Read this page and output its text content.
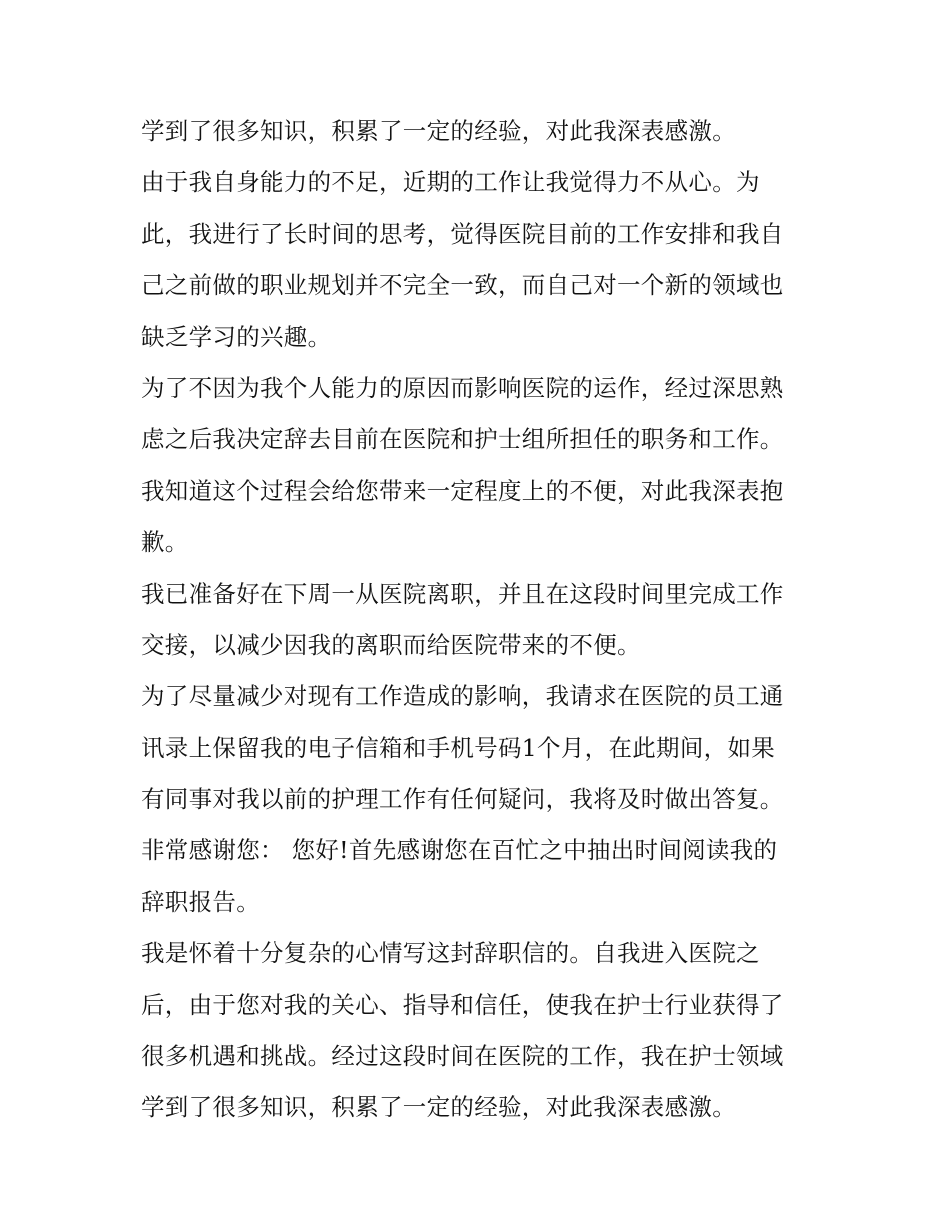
学到了很多知识，积累了一定的经验，对此我深表感激。
由于我自身能力的不足，近期的工作让我觉得力不从心。为
此，我进行了长时间的思考，觉得医院目前的工作安排和我自
己之前做的职业规划并不完全一致，而自己对一个新的领域也
缺乏学习的兴趣。
为了不因为我个人能力的原因而影响医院的运作，经过深思熟
虑之后我决定辞去目前在医院和护士组所担任的职务和工作。
我知道这个过程会给您带来一定程度上的不便，对此我深表抱
歉。
我已准备好在下周一从医院离职，并且在这段时间里完成工作
交接，以减少因我的离职而给医院带来的不便。
为了尽量减少对现有工作造成的影响，我请求在医院的员工通
讯录上保留我的电子信箱和手机号码1个月，在此期间，如果
有同事对我以前的护理工作有任何疑问，我将及时做出答复。
非常感谢您： 您好!首先感谢您在百忙之中抽出时间阅读我的
辞职报告。
我是怀着十分复杂的心情写这封辞职信的。自我进入医院之
后，由于您对我的关心、指导和信任，使我在护士行业获得了
很多机遇和挑战。经过这段时间在医院的工作，我在护士领域
学到了很多知识，积累了一定的经验，对此我深表感激。
